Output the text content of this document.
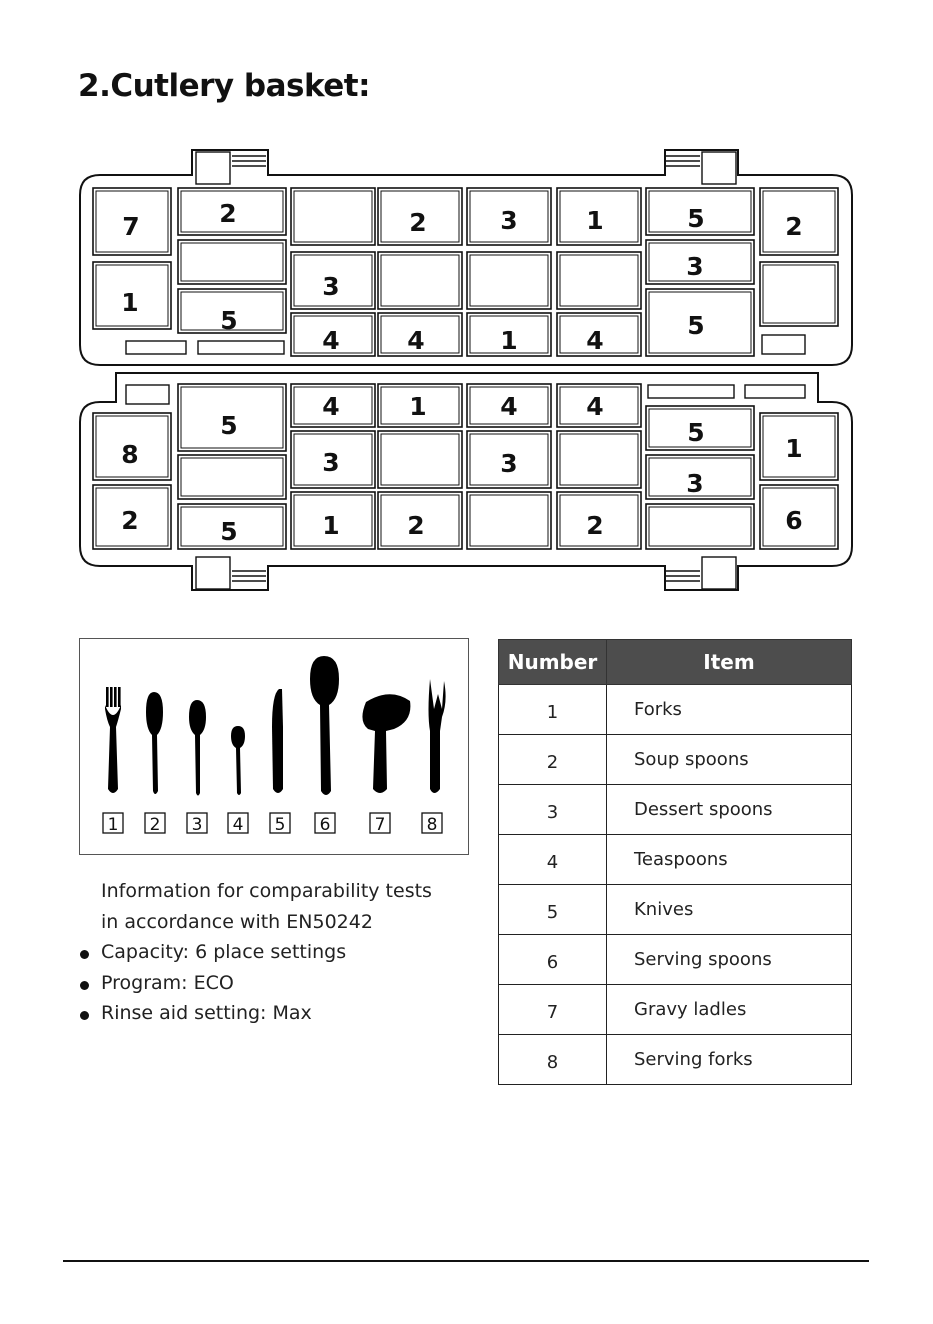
2.Cutlery basket:
7	2	2	3	1	5	2
3
3
1
5	5
4	4	1	4
4	1	4	4
8
5	5
1
3	3
3
2	5	1	2	2	6
1 2 3 4 5 6	7 8
Information for comparability tests
in accordance with EN50242
Capacity: 6 place settings
Program: ECO
Rinse aid setting: Max
Number	Item
1	Forks
2	Soup spoons
3	Dessert spoons
4	Teaspoons
5	Knives
6	Serving spoons
7	Gravy ladles
8	Serving forks
